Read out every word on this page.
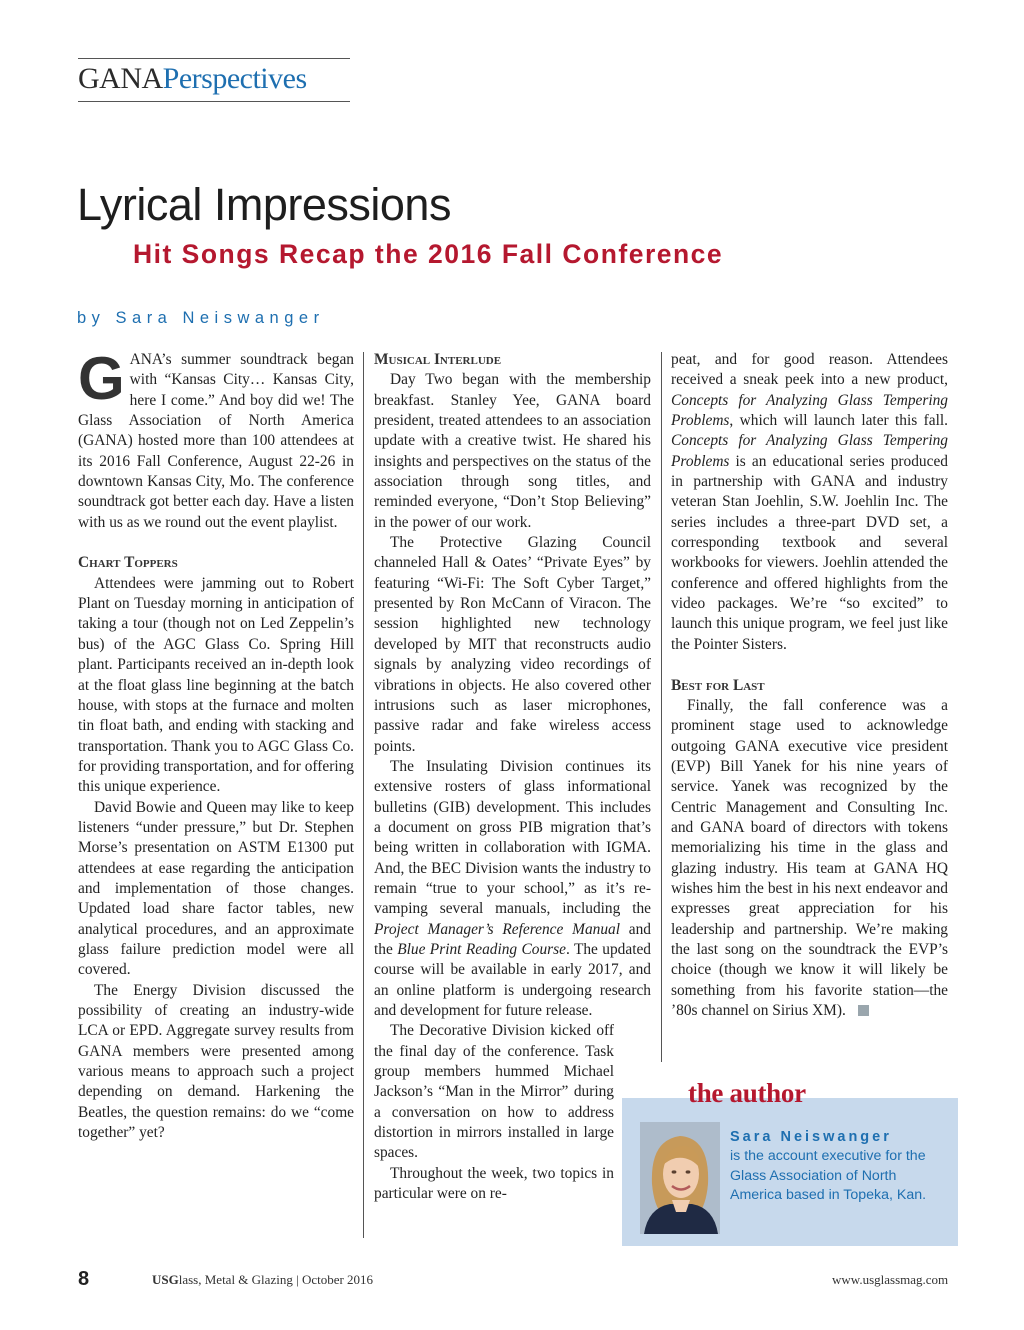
GANAPerspectives
Lyrical Impressions
Hit Songs Recap the 2016 Fall Conference
by Sara Neiswanger

GANA’s summer soundtrack began with “Kansas City… Kansas City, here I come.” And boy did we! The Glass Association of North America (GANA) hosted more than 100 attendees at its 2016 Fall Conference, August 22-26 in downtown Kansas City, Mo. The conference soundtrack got better each day. Have a listen with us as we round out the event playlist.

Chart Toppers

Attendees were jamming out to Robert Plant on Tuesday morning in anticipation of taking a tour (though not on Led Zeppelin’s bus) of the AGC Glass Co. Spring Hill plant. Participants received an in-depth look at the float glass line beginning at the batch house, with stops at the furnace and molten tin float bath, and ending with stacking and transportation. Thank you to AGC Glass Co. for providing transportation, and for offering this unique experience.

David Bowie and Queen may like to keep listeners “under pressure,” but Dr. Stephen Morse’s presentation on ASTM E1300 put attendees at ease regarding the anticipation and implementation of those changes. Updated load share factor tables, new analytical procedures, and an approximate glass failure prediction model were all covered.

The Energy Division discussed the possibility of creating an industry-wide LCA or EPD. Aggregate survey results from GANA members were presented among various means to approach such a project depending on demand. Harkening the Beatles, the question remains: do we “come together” yet?

Musical Interlude

Day Two began with the membership breakfast. Stanley Yee, GANA board president, treated attendees to an association update with a creative twist. He shared his insights and perspectives on the status of the association through song titles, and reminded everyone, “Don’t Stop Believing” in the power of our work.

The Protective Glazing Council channeled Hall & Oates’ “Private Eyes” by featuring “Wi-Fi: The Soft Cyber Target,” presented by Ron McCann of Viracon. The session highlighted new technology developed by MIT that reconstructs audio signals by analyzing video recordings of vibrations in objects. He also covered other intrusions such as laser microphones, passive radar and fake wireless access points.

The Insulating Division continues its extensive rosters of glass informational bulletins (GIB) development. This includes a document on gross PIB migration that’s being written in collaboration with IGMA. And, the BEC Division wants the industry to remain “true to your school,” as it’s re-vamping several manuals, including the Project Manager’s Reference Manual and the Blue Print Reading Course. The updated course will be available in early 2017, and an online platform is undergoing research and development for future release.

The Decorative Division kicked off the final day of the conference. Task group members hummed Michael Jackson’s “Man in the Mirror” during a conversation on how to address distortion in mirrors installed in large spaces.

Throughout the week, two topics in particular were on re-

peat, and for good reason. Attendees received a sneak peek into a new product, Concepts for Analyzing Glass Tempering Problems, which will launch later this fall. Concepts for Analyzing Glass Tempering Problems is an educational series produced in partnership with GANA and industry veteran Stan Joehlin, S.W. Joehlin Inc. The series includes a three-part DVD set, a corresponding textbook and several workbooks for viewers. Joehlin attended the conference and offered highlights from the video packages. We’re “so excited” to launch this unique program, we feel just like the Pointer Sisters.

Best for Last

Finally, the fall conference was a prominent stage used to acknowledge outgoing GANA executive vice president (EVP) Bill Yanek for his nine years of service. Yanek was recognized by the Centric Management and Consulting Inc. and GANA board of directors with tokens memorializing his time in the glass and glazing industry. His team at GANA HQ wishes him the best in his next endeavor and expresses great appreciation for his leadership and partnership. We’re making the last song on the soundtrack the EVP’s choice (though we know it will likely be something from his favorite station—the ’80s channel on Sirius XM).

the author
Sara Neiswanger
is the account executive for the Glass Association of North America based in Topeka, Kan.
8	USGlass, Metal & Glazing | October 2016	www.usglassmag.com
